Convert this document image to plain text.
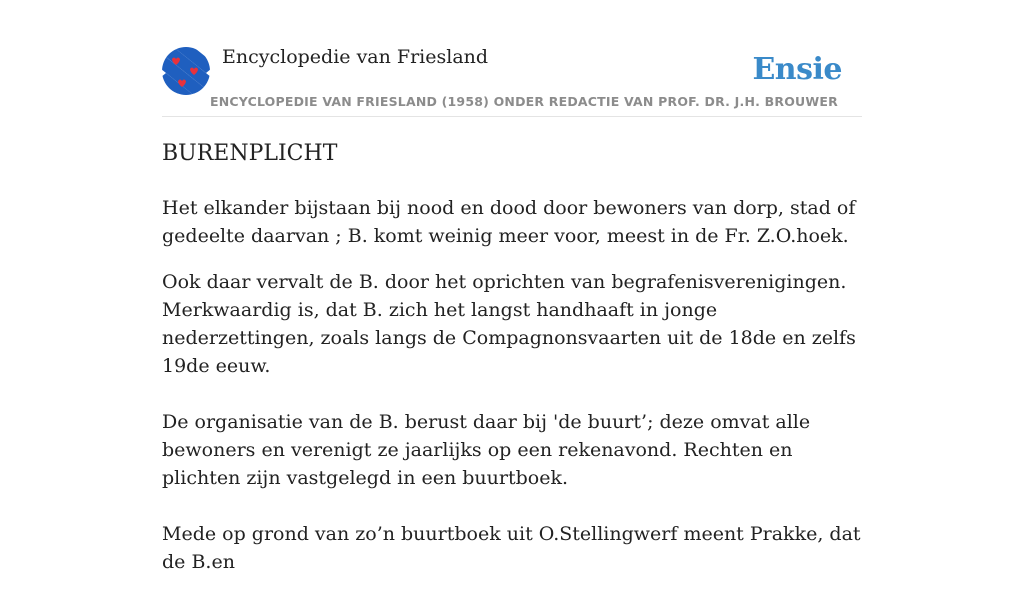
Encyclopedie van Friesland	Ensie
ENCYCLOPEDIE VAN FRIESLAND (1958) ONDER REDACTIE VAN PROF. DR. J.H. BROUWER
BURENPLICHT

Het elkander bijstaan bij nood en dood door bewoners van dorp, stad of gedeelte daarvan ; B. komt weinig meer voor, meest in de Fr. Z.O.hoek.

Ook daar vervalt de B. door het oprichten van begrafenisverenigingen. Merkwaardig is, dat B. zich het langst handhaaft in jonge nederzettingen, zoals langs de Compagnonsvaarten uit de 18de en zelfs 19de eeuw.

De organisatie van de B. berust daar bij 'de buurt’; deze omvat alle bewoners en verenigt ze jaarlijks op een rekenavond. Rechten en plichten zijn vastgelegd in een buurtboek.

Mede op grond van zo’n buurtboek uit O.Stellingwerf meent Prakke, dat de B.en
